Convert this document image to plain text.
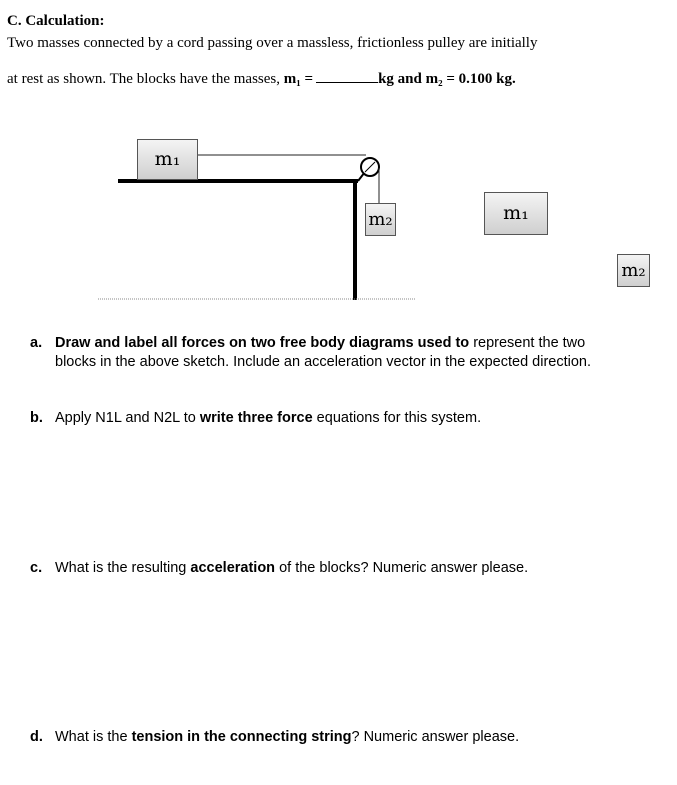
C. Calculation:
Two masses connected by a cord passing over a massless, frictionless pulley are initially
at rest as shown. The blocks have the masses, m₁ =	kg and m₂ = 0.100 kg.
m₁
m₂	m₁
m₂
a. Draw and label all forces on two free body diagrams used to represent the two blocks in the above sketch. Include an acceleration vector in the expected direction.
b. Apply N1L and N2L to write three force equations for this system.
c. What is the resulting acceleration of the blocks? Numeric answer please.
d. What is the tension in the connecting string? Numeric answer please.
